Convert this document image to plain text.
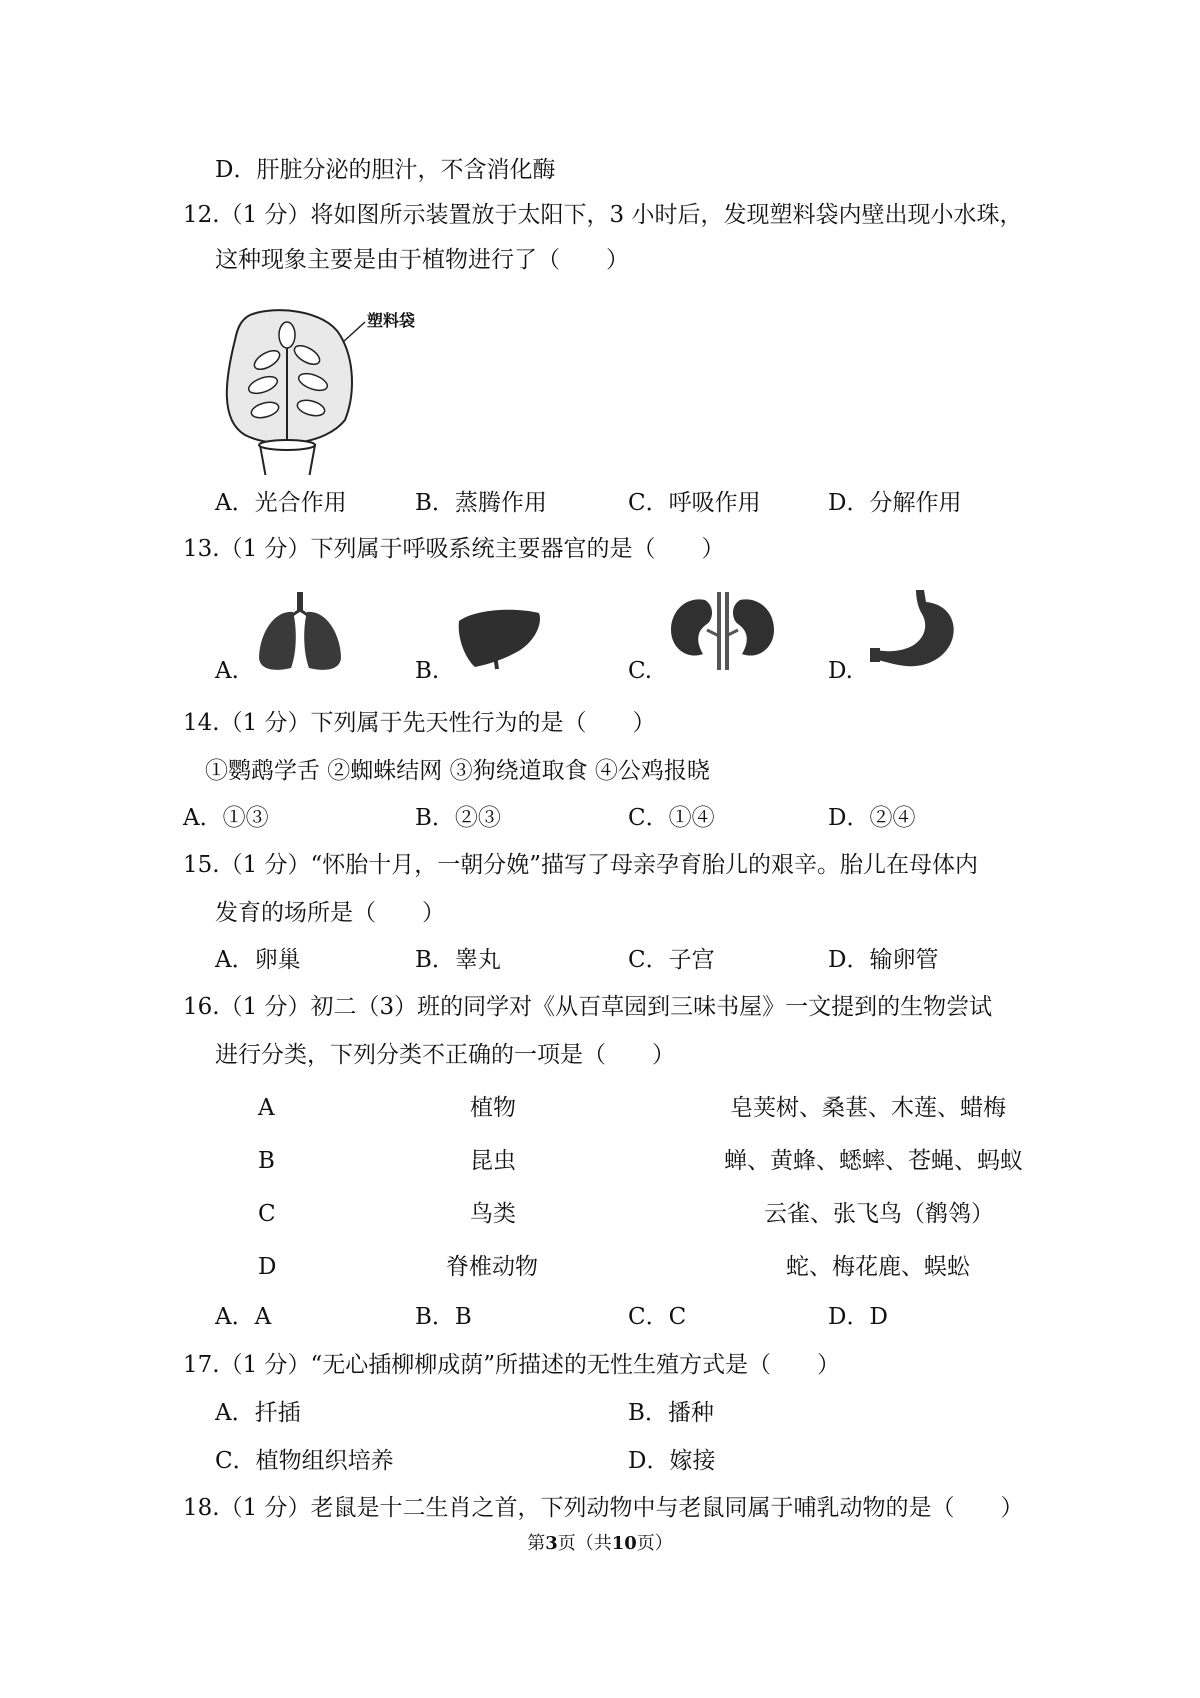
D．肝脏分泌的胆汁，不含消化酶
12.（1 分）将如图所示装置放于太阳下，3 小时后，发现塑料袋内壁出现小水珠，
这种现象主要是由于植物进行了（　　）
塑料袋
A．光合作用	B．蒸腾作用	C．呼吸作用	D．分解作用
13.（1 分）下列属于呼吸系统主要器官的是（　　）
A.	B.	C.	D.
14.（1 分）下列属于先天性行为的是（　　）
①鹦鹉学舌 ②蜘蛛结网 ③狗绕道取食 ④公鸡报晓
A．①③	B．②③	C．①④	D．②④
15.（1 分）“怀胎十月，一朝分娩”描写了母亲孕育胎儿的艰辛。胎儿在母体内
发育的场所是（　　）
A．卵巢	B．睾丸	C．子宫	D．输卵管
16.（1 分）初二（3）班的同学对《从百草园到三味书屋》一文提到的生物尝试
进行分类，下列分类不正确的一项是（　　）
A	植物	皂荚树、桑葚、木莲、蜡梅
B	昆虫	蝉、黄蜂、蟋蟀、苍蝇、蚂蚁
C	鸟类	云雀、张飞鸟（鹡鸰）
D	脊椎动物	蛇、梅花鹿、蜈蚣
A．A	B．B	C．C	D．D
17.（1 分）“无心插柳柳成荫”所描述的无性生殖方式是（　　）
A．扦插	B．播种
C．植物组织培养	D．嫁接
18.（1 分）老鼠是十二生肖之首，下列动物中与老鼠同属于哺乳动物的是（　　）
第3页（共10页）
